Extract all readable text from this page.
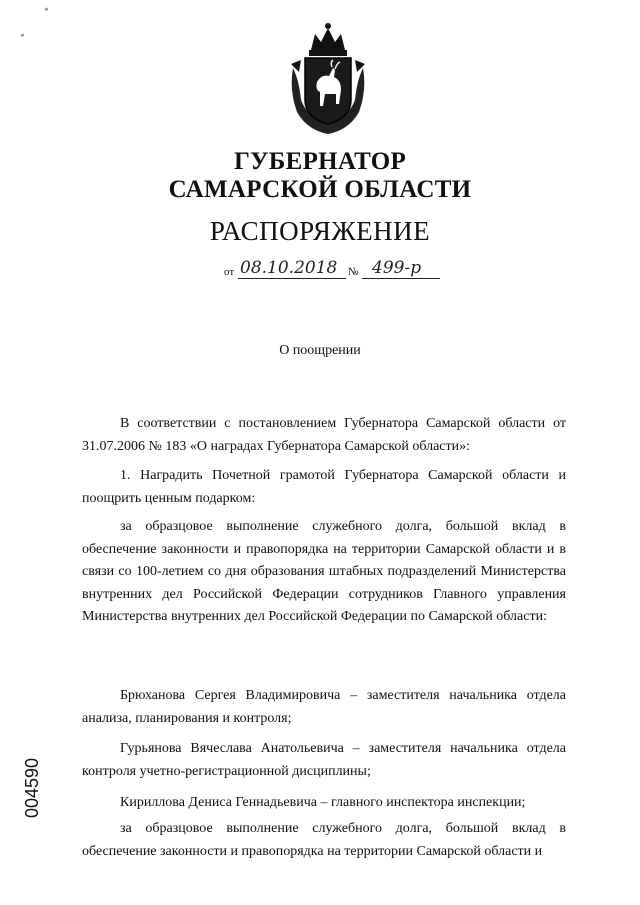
*
*
ГУБЕРНАТОР
САМАРСКОЙ ОБЛАСТИ
РАСПОРЯЖЕНИЕ
от 08.10.2018 № 499-р
О поощрении
В соответствии с постановлением Губернатора Самарской области от 31.07.2006 № 183 «О наградах Губернатора Самарской области»:
1. Наградить Почетной грамотой Губернатора Самарской области и поощрить ценным подарком:
за образцовое выполнение служебного долга, большой вклад в обеспечение законности и правопорядка на территории Самарской области и в связи со 100-летием со дня образования штабных подразделений Министерства внутренних дел Российской Федерации сотрудников Главного управления Министерства внутренних дел Российской Федерации по Самарской области:
Брюханова Сергея Владимировича – заместителя начальника отдела анализа, планирования и контроля;
Гурьянова Вячеслава Анатольевича – заместителя начальника отдела контроля учетно-регистрационной дисциплины;
Кириллова Дениса Геннадьевича – главного инспектора инспекции;
за образцовое выполнение служебного долга, большой вклад в обеспечение законности и правопорядка на территории Самарской области и
004590
